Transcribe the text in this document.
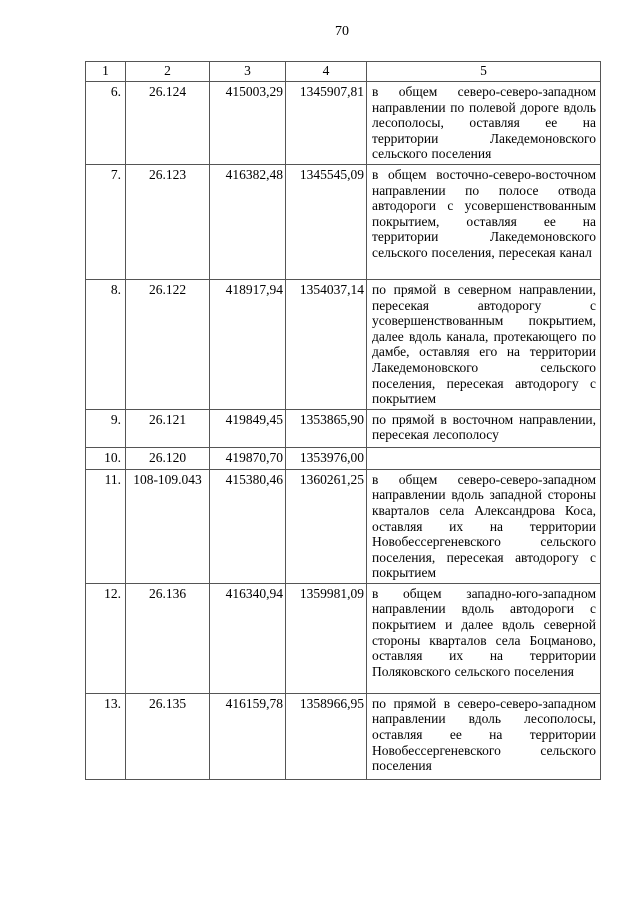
70
1	2	3	4	5
6.	26.124	415003,29	1345907,81	в общем северо-северо-западном направлении по полевой дороге вдоль лесополосы, оставляя ее на территории Лакедемоновского сельского поселения
7.	26.123	416382,48	1345545,09	в общем восточно-северо-восточном направлении по полосе отвода автодороги с усовершенствованным покрытием, оставляя ее на территории Лакедемоновского сельского поселения, пересекая канал
8.	26.122	418917,94	1354037,14	по прямой в северном направлении, пересекая автодорогу с усовершенствованным покрытием, далее вдоль канала, протекающего по дамбе, оставляя его на территории Лакедемоновского сельского поселения, пересекая автодорогу с покрытием
9.	26.121	419849,45	1353865,90	по прямой в восточном направлении, пересекая лесополосу
10.	26.120	419870,70	1353976,00	
11.	108-109.043	415380,46	1360261,25	в общем северо-северо-западном направлении вдоль западной стороны кварталов села Александрова Коса, оставляя их на территории Новобессергеневского сельского поселения, пересекая автодорогу с покрытием
12.	26.136	416340,94	1359981,09	в общем западно-юго-западном направлении вдоль автодороги с покрытием и далее вдоль северной стороны кварталов села Боцманово, оставляя их на территории Поляковского сельского поселения
13.	26.135	416159,78	1358966,95	по прямой в северо-северо-западном направлении вдоль лесополосы, оставляя ее на территории Новобессергеневского сельского поселения
